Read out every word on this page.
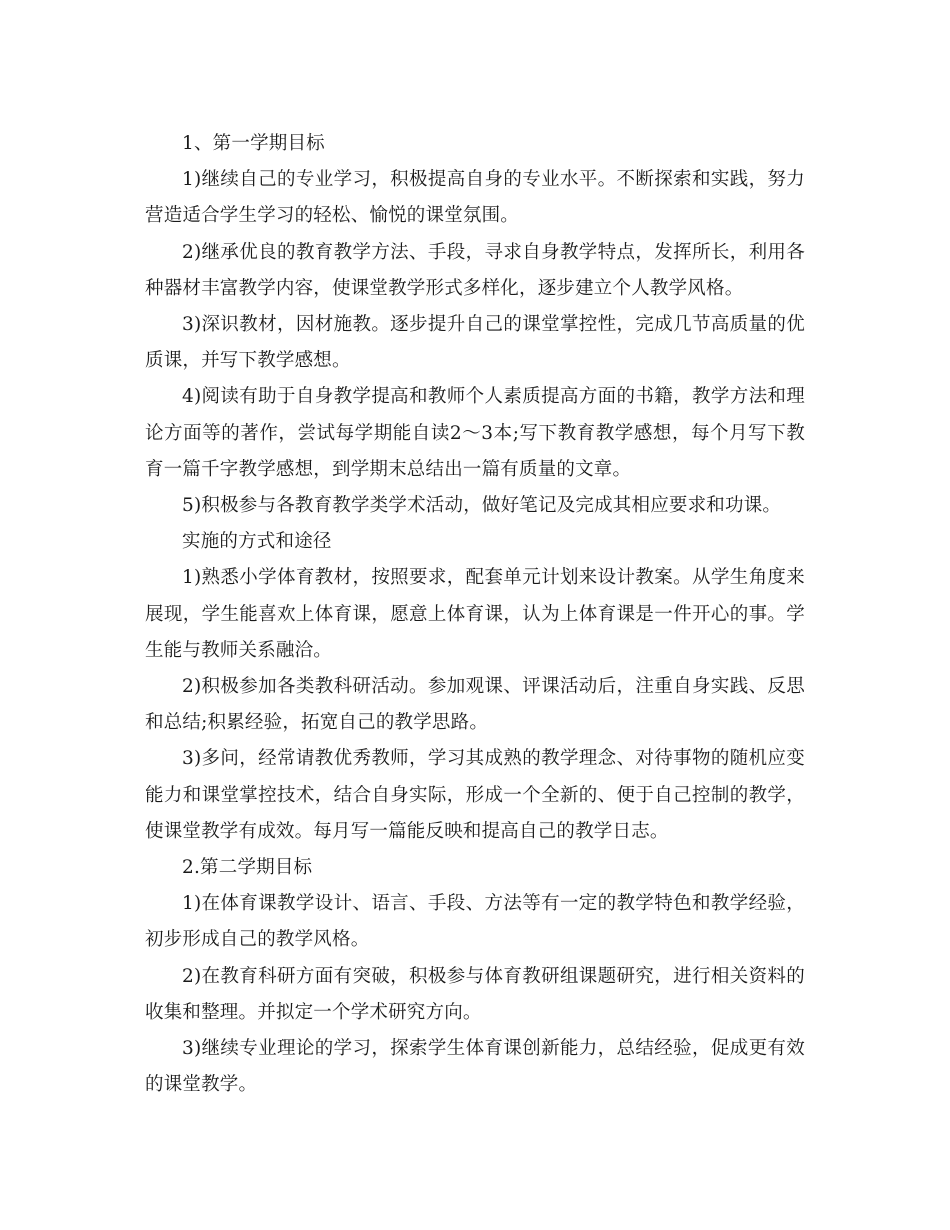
1、第一学期目标

1)继续自己的专业学习，积极提高自身的专业水平。不断探索和实践，努力营造适合学生学习的轻松、愉悦的课堂氛围。

2)继承优良的教育教学方法、手段，寻求自身教学特点，发挥所长，利用各种器材丰富教学内容，使课堂教学形式多样化，逐步建立个人教学风格。

3)深识教材，因材施教。逐步提升自己的课堂掌控性，完成几节高质量的优质课，并写下教学感想。

4)阅读有助于自身教学提高和教师个人素质提高方面的书籍，教学方法和理论方面等的著作，尝试每学期能自读2～3本;写下教育教学感想，每个月写下教育一篇千字教学感想，到学期末总结出一篇有质量的文章。

5)积极参与各教育教学类学术活动，做好笔记及完成其相应要求和功课。

实施的方式和途径

1)熟悉小学体育教材，按照要求，配套单元计划来设计教案。从学生角度来展现，学生能喜欢上体育课，愿意上体育课，认为上体育课是一件开心的事。学生能与教师关系融洽。

2)积极参加各类教科研活动。参加观课、评课活动后，注重自身实践、反思和总结;积累经验，拓宽自己的教学思路。

3)多问，经常请教优秀教师，学习其成熟的教学理念、对待事物的随机应变能力和课堂掌控技术，结合自身实际，形成一个全新的、便于自己控制的教学，使课堂教学有成效。每月写一篇能反映和提高自己的教学日志。

2.第二学期目标

1)在体育课教学设计、语言、手段、方法等有一定的教学特色和教学经验，初步形成自己的教学风格。

2)在教育科研方面有突破，积极参与体育教研组课题研究，进行相关资料的收集和整理。并拟定一个学术研究方向。

3)继续专业理论的学习，探索学生体育课创新能力，总结经验，促成更有效的课堂教学。
